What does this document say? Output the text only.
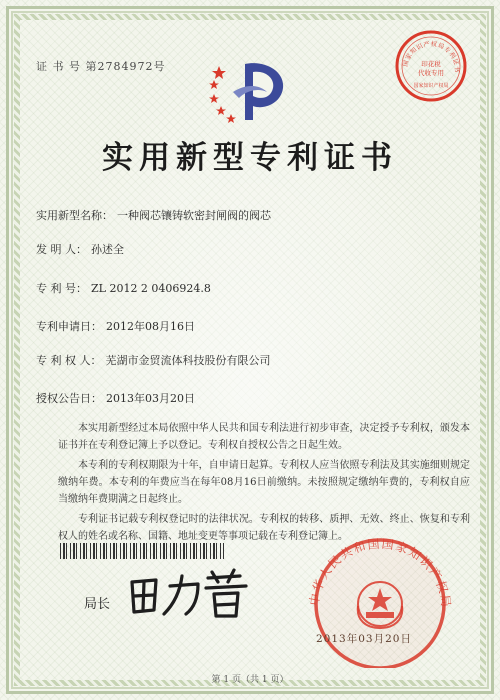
证 书 号 第2784972号	国家知识产权局专利证书
印花税
代收专用
国家知识产权局
实用新型专利证书
实用新型名称： 一种阀芯镶铸软密封闸阀的阀芯
发 明 人： 孙述全
专 利 号： ZL 2012 2 0406924.8
专利申请日： 2012年08月16日
专 利 权 人： 芜湖市金贸流体科技股份有限公司
授权公告日： 2013年03月20日

本实用新型经过本局依照中华人民共和国专利法进行初步审查，决定授予专利权，颁发本证书并在专利登记簿上予以登记。专利权自授权公告之日起生效。

本专利的专利权期限为十年，自申请日起算。专利权人应当依照专利法及其实施细则规定缴纳年费。本专利的年费应当在每年08月16日前缴纳。未按照规定缴纳年费的，专利权自应当缴纳年费期满之日起终止。

专利证书记载专利权登记时的法律状况。专利权的转移、质押、无效、终止、恢复和专利权人的姓名或名称、国籍、地址变更等事项记载在专利登记簿上。

局长	中华人民共和国国家知识产权局
2013年03月20日
第 1 页（共 1 页）
